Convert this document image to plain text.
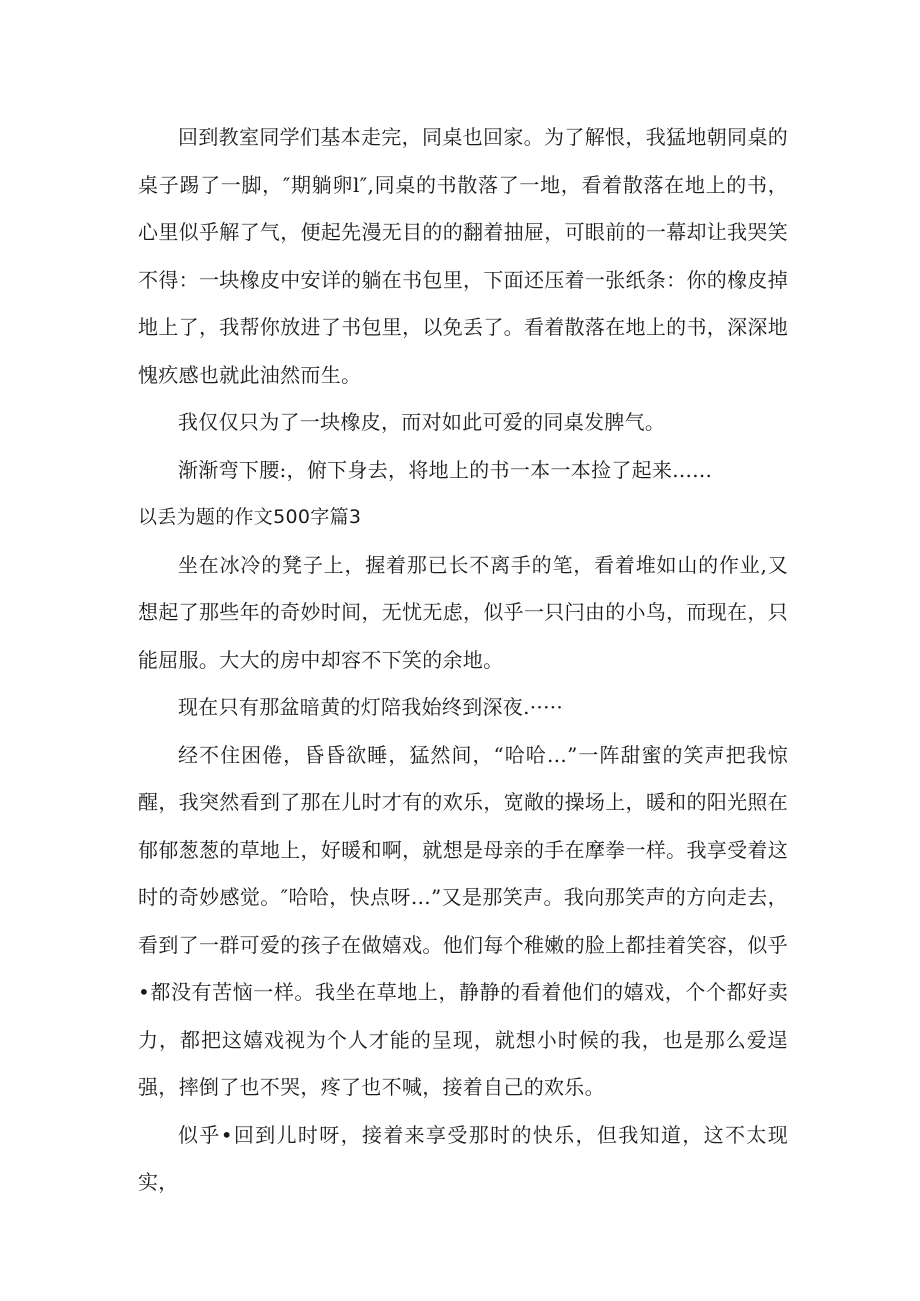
回到教室同学们基本走完，同桌也回家。为了解恨，我猛地朝同桌的桌子踢了一脚，″期躺卵l″,同桌的书散落了一地，看着散落在地上的书，心里似乎解了气，便起先漫无目的的翻着抽屉，可眼前的一幕却让我哭笑不得：一块橡皮中安详的躺在书包里，下面还压着一张纸条：你的橡皮掉地上了，我帮你放进了书包里，以免丢了。看着散落在地上的书，深深地愧疚感也就此油然而生。

我仅仅只为了一块橡皮，而对如此可爱的同桌发脾气。

渐渐弯下腰:，俯下身去，将地上的书一本一本捡了起来......

以丢为题的作文500字篇3

坐在冰冷的凳子上，握着那已长不离手的笔，看着堆如山的作业,又想起了那些年的奇妙时间，无忧无虑，似乎一只闩由的小鸟，而现在，只能屈服。大大的房中却容不下笑的余地。

现在只有那盆暗黄的灯陪我始终到深夜.·····

经不住困倦，昏昏欲睡，猛然间，“哈哈…”一阵甜蜜的笑声把我惊醒，我突然看到了那在儿时才有的欢乐，宽敞的操场上，暖和的阳光照在郁郁葱葱的草地上，好暖和啊，就想是母亲的手在摩拳一样。我享受着这时的奇妙感觉。″哈哈，快点呀…”又是那笑声。我向那笑声的方向走去，看到了一群可爱的孩子在做嬉戏。他们每个稚嫩的脸上都挂着笑容，似乎•都没有苦恼一样。我坐在草地上，静静的看着他们的嬉戏，个个都好卖力，都把这嬉戏视为个人才能的呈现，就想小时候的我，也是那么爱逞强，摔倒了也不哭，疼了也不喊，接着自己的欢乐。

似乎•回到儿时呀，接着来享受那时的快乐，但我知道，这不太现实，
